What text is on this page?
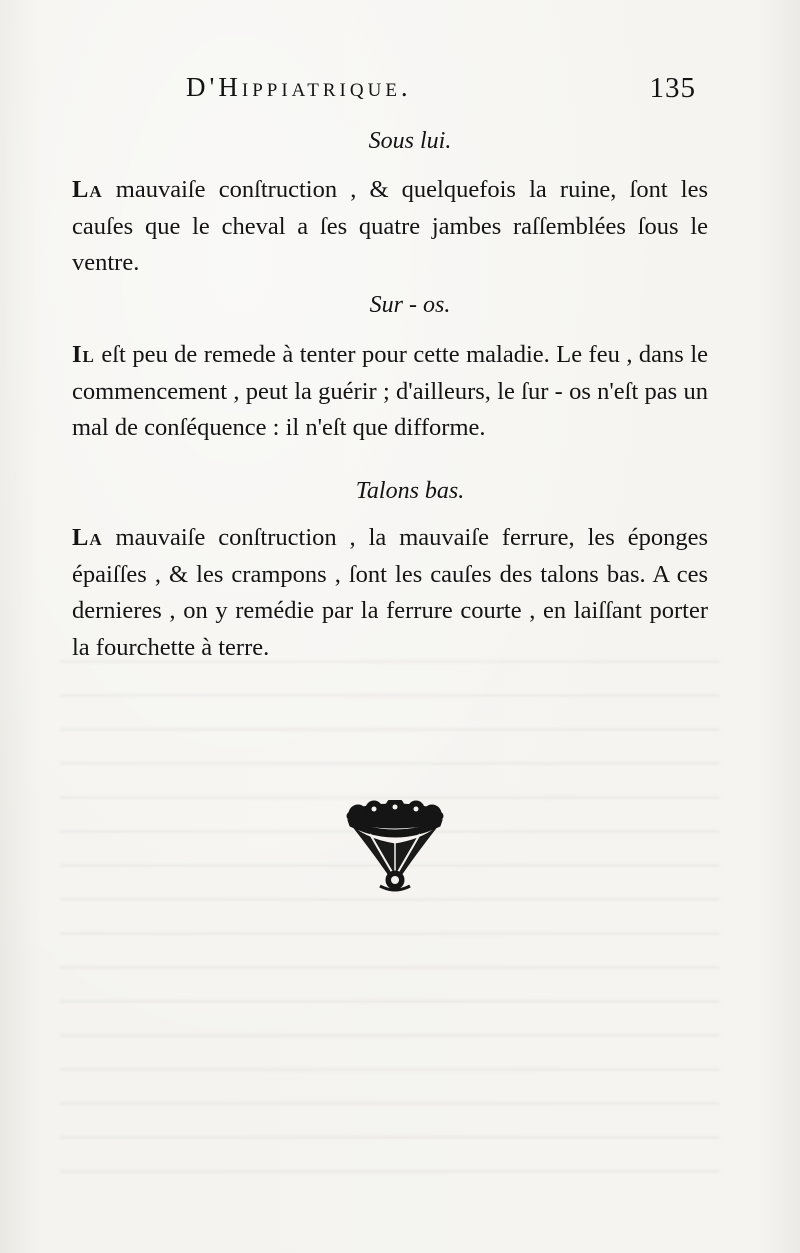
D'Hippiatrique.	135
Sous lui.

La mauvaiſe conſtruction , & quelquefois la ruine, ſont les cauſes que le cheval a ſes quatre jambes raſſemblées ſous le ventre.

Sur - os.

Il eſt peu de remede à tenter pour cette maladie. Le feu , dans le commencement , peut la guérir ; d'ailleurs, le ſur - os n'eſt pas un mal de conſéquence : il n'eſt que difforme.

Talons bas.

La mauvaiſe conſtruction , la mauvaiſe ferrure, les éponges épaiſſes , & les crampons , ſont les cauſes des talons bas. A ces dernieres , on y remédie par la ferrure courte , en laiſſant porter la fourchette à terre.
